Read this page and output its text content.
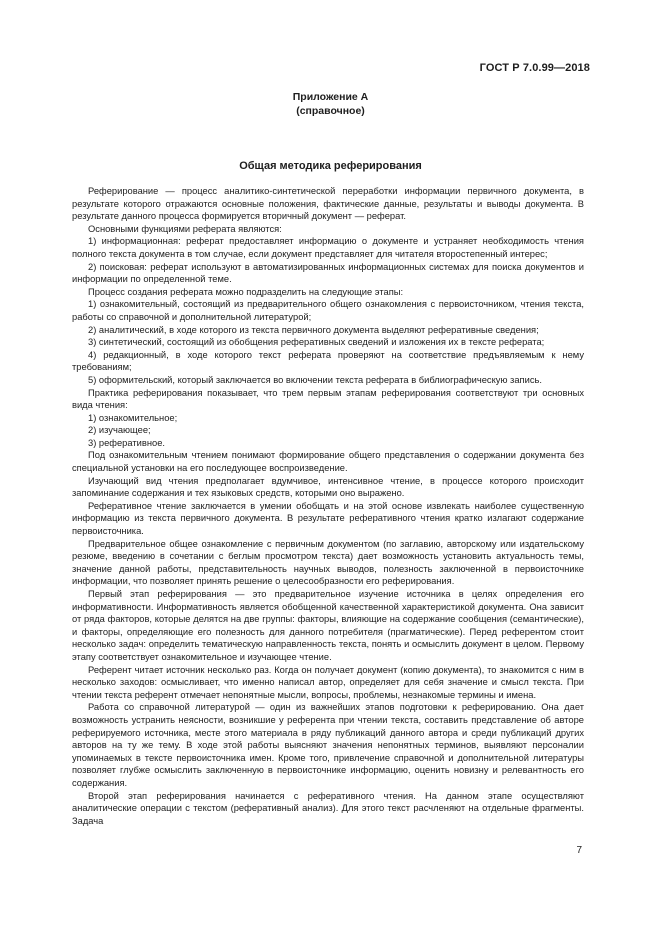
ГОСТ Р 7.0.99—2018
Приложение А
(справочное)
Общая методика реферирования

Реферирование — процесс аналитико-синтетической переработки информации первичного документа, в результате которого отражаются основные положения, фактические данные, результаты и выводы документа. В результате данного процесса формируется вторичный документ — реферат.

Основными функциями реферата являются:

1) информационная: реферат предоставляет информацию о документе и устраняет необходимость чтения полного текста документа в том случае, если документ представляет для читателя второстепенный интерес;

2) поисковая: реферат используют в автоматизированных информационных системах для поиска документов и информации по определенной теме.

Процесс создания реферата можно подразделить на следующие этапы:

1) ознакомительный, состоящий из предварительного общего ознакомления с первоисточником, чтения текста, работы со справочной и дополнительной литературой;

2) аналитический, в ходе которого из текста первичного документа выделяют реферативные сведения;

3) синтетический, состоящий из обобщения реферативных сведений и изложения их в тексте реферата;

4) редакционный, в ходе которого текст реферата проверяют на соответствие предъявляемым к нему требованиям;

5) оформительский, который заключается во включении текста реферата в библиографическую запись.

Практика реферирования показывает, что трем первым этапам реферирования соответствуют три основных вида чтения:

1) ознакомительное;

2) изучающее;

3) реферативное.

Под ознакомительным чтением понимают формирование общего представления о содержании документа без специальной установки на его последующее воспроизведение.

Изучающий вид чтения предполагает вдумчивое, интенсивное чтение, в процессе которого происходит запоминание содержания и тех языковых средств, которыми оно выражено.

Реферативное чтение заключается в умении обобщать и на этой основе извлекать наиболее существенную информацию из текста первичного документа. В результате реферативного чтения кратко излагают содержание первоисточника.

Предварительное общее ознакомление с первичным документом (по заглавию, авторскому или издательскому резюме, введению в сочетании с беглым просмотром текста) дает возможность установить актуальность темы, значение данной работы, представительность научных выводов, полезность заключенной в первоисточнике информации, что позволяет принять решение о целесообразности его реферирования.

Первый этап реферирования — это предварительное изучение источника в целях определения его информативности. Информативность является обобщенной качественной характеристикой документа. Она зависит от ряда факторов, которые делятся на две группы: факторы, влияющие на содержание сообщения (семантические), и факторы, определяющие его полезность для данного потребителя (прагматические). Перед референтом стоит несколько задач: определить тематическую направленность текста, понять и осмыслить документ в целом. Первому этапу соответствует ознакомительное и изучающее чтение.

Референт читает источник несколько раз. Когда он получает документ (копию документа), то знакомится с ним в несколько заходов: осмысливает, что именно написал автор, определяет для себя значение и смысл текста. При чтении текста референт отмечает непонятные мысли, вопросы, проблемы, незнакомые термины и имена.

Работа со справочной литературой — один из важнейших этапов подготовки к реферированию. Она дает возможность устранить неясности, возникшие у референта при чтении текста, составить представление об авторе реферируемого источника, месте этого материала в ряду публикаций данного автора и среди публикаций других авторов на ту же тему. В ходе этой работы выясняют значения непонятных терминов, выявляют персоналии упоминаемых в тексте первоисточника имен. Кроме того, привлечение справочной и дополнительной литературы позволяет глубже осмыслить заключенную в первоисточнике информацию, оценить новизну и релевантность его содержания.

Второй этап реферирования начинается с реферативного чтения. На данном этапе осуществляют аналитические операции с текстом (реферативный анализ). Для этого текст расчленяют на отдельные фрагменты. Задача

7
